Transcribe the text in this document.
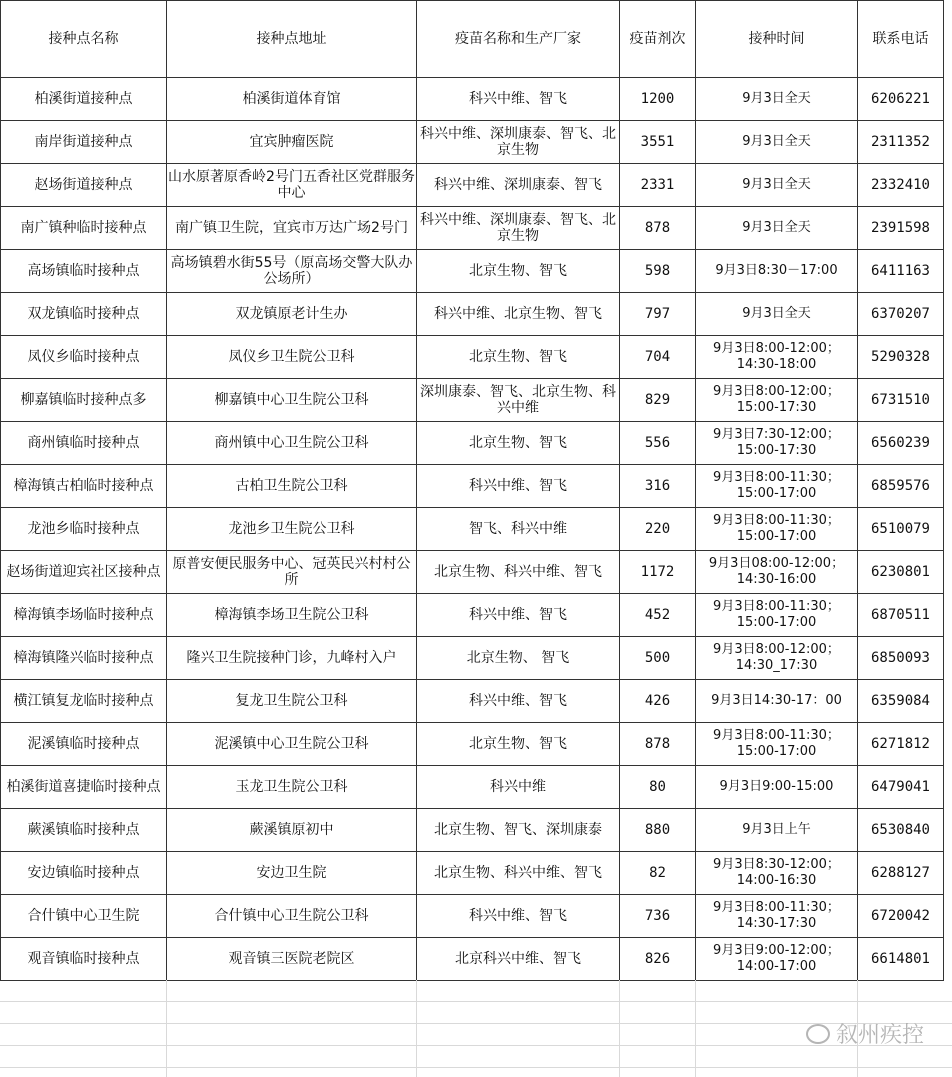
接种点名称	接种点地址	疫苗名称和生产厂家	疫苗剂次	接种时间	联系电话
柏溪街道接种点	柏溪街道体育馆	科兴中维、智飞	1200	9月3日全天	6206221
南岸街道接种点	宜宾肿瘤医院	科兴中维、深圳康泰、智飞、北京生物	3551	9月3日全天	2311352
赵场街道接种点	山水原著原香岭2号门五香社区党群服务中心	科兴中维、深圳康泰、智飞	2331	9月3日全天	2332410
南广镇种临时接种点	南广镇卫生院，宜宾市万达广场2号门	科兴中维、深圳康泰、智飞、北京生物	878	9月3日全天	2391598
高场镇临时接种点	高场镇碧水街55号（原高场交警大队办公场所）	北京生物、智飞	598	9月3日8:30－17:00	6411163
双龙镇临时接种点	双龙镇原老计生办	科兴中维、北京生物、智飞	797	9月3日全天	6370207
凤仪乡临时接种点	凤仪乡卫生院公卫科	北京生物、智飞	704	9月3日8:00-12:00；14:30-18:00	5290328
柳嘉镇临时接种点多	柳嘉镇中心卫生院公卫科	深圳康泰、智飞、北京生物、科兴中维	829	9月3日8:00-12:00；15:00-17:30	6731510
商州镇临时接种点	商州镇中心卫生院公卫科	北京生物、智飞	556	9月3日7:30-12:00；15:00-17:30	6560239
樟海镇古柏临时接种点	古柏卫生院公卫科	科兴中维、智飞	316	9月3日8:00-11:30；15:00-17:00	6859576
龙池乡临时接种点	龙池乡卫生院公卫科	智飞、科兴中维	220	9月3日8:00-11:30；15:00-17:00	6510079
赵场街道迎宾社区接种点	原普安便民服务中心、冠英民兴村村公所	北京生物、科兴中维、智飞	1172	9月3日08:00-12:00；14:30-16:00	6230801
樟海镇李场临时接种点	樟海镇李场卫生院公卫科	科兴中维、智飞	452	9月3日8:00-11:30；15:00-17:00	6870511
樟海镇隆兴临时接种点	隆兴卫生院接种门诊，九峰村入户	北京生物、 智飞	500	9月3日8:00-12:00；14:30_17:30	6850093
横江镇复龙临时接种点	复龙卫生院公卫科	科兴中维、智飞	426	9月3日14:30-17：00	6359084
泥溪镇临时接种点	泥溪镇中心卫生院公卫科	北京生物、智飞	878	9月3日8:00-11:30；15:00-17:00	6271812
柏溪街道喜捷临时接种点	玉龙卫生院公卫科	科兴中维	80	9月3日9:00-15:00	6479041
蕨溪镇临时接种点	蕨溪镇原初中	北京生物、智飞、深圳康泰	880	9月3日上午	6530840
安边镇临时接种点	安边卫生院	北京生物、科兴中维、智飞	82	9月3日8:30-12:00；14:00-16:30	6288127
合什镇中心卫生院	合什镇中心卫生院公卫科	科兴中维、智飞	736	9月3日8:00-11:30；14:30-17:30	6720042
观音镇临时接种点	观音镇三医院老院区	北京科兴中维、智飞	826	9月3日9:00-12:00；14:00-17:00	6614801
叙州疾控
